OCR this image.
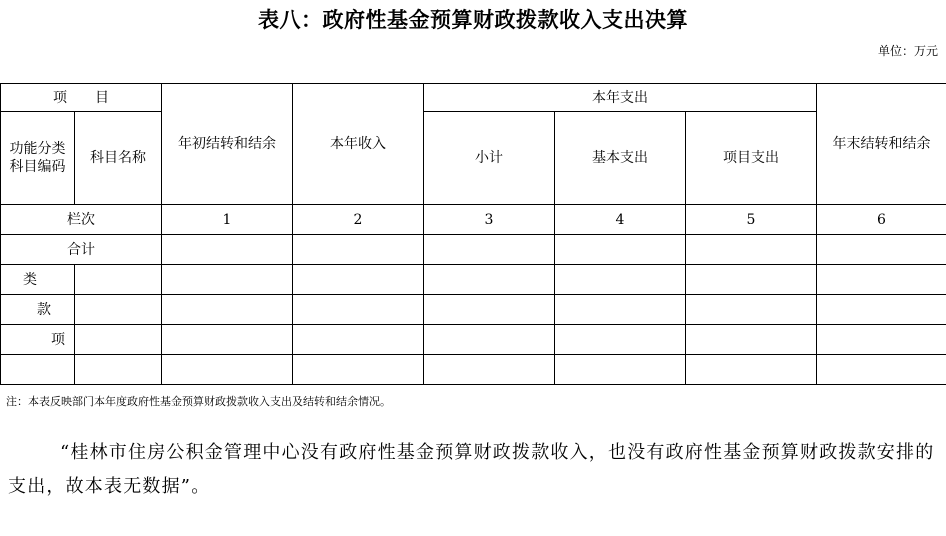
表八：政府性基金预算财政拨款收入支出决算
单位：万元
项　　目		年初结转和结余	本年收入	本年支出			年末结转和结余
功能分类科目编码	科目名称			小计	基本支出	项目支出	
栏次		1	2	3	4	5	6
合计							
类							
款							
项							

注：本表反映部门本年度政府性基金预算财政拨款收入支出及结转和结余情况。
“桂林市住房公积金管理中心没有政府性基金预算财政拨款收入，也没有政府性基金预算财政拨款安排的支出，故本表无数据”。
